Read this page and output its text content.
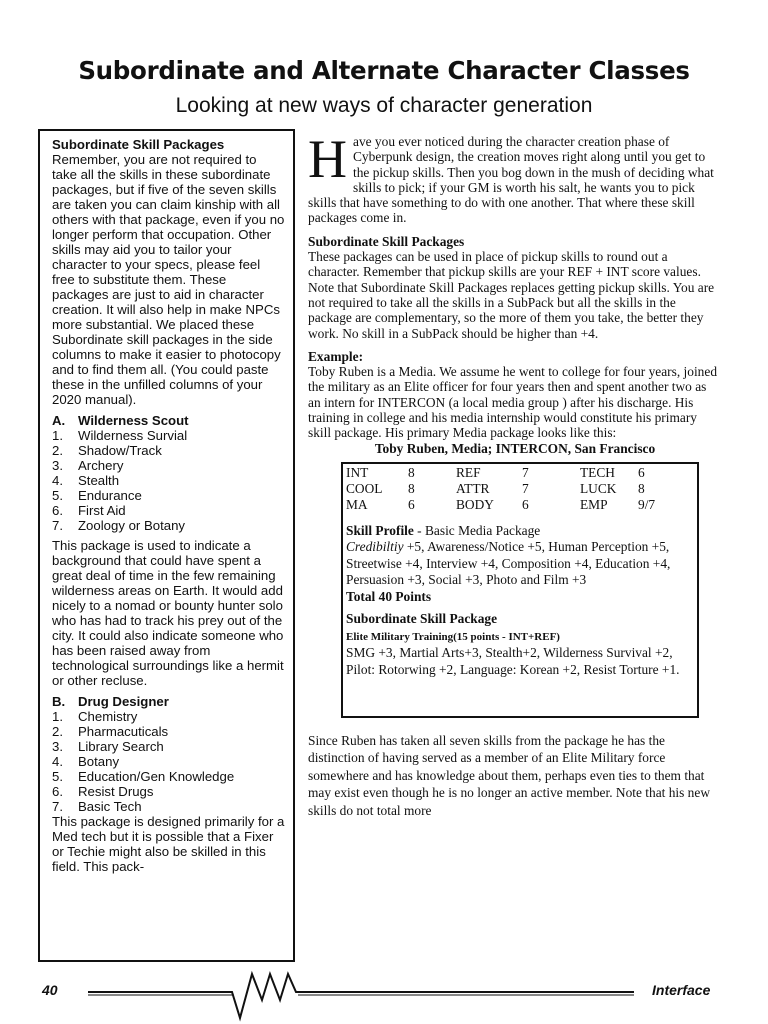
Subordinate and Alternate Character Classes

Looking at new ways of character generation

Subordinate Skill Packages

Remember, you are not required to take all the skills in these subordinate packages, but if five of the seven skills are taken you can claim kinship with all others with that package, even if you no longer perform that occupation. Other skills may aid you to tailor your character to your specs, please feel free to substitute them. These packages are just to aid in character creation. It will also help in make NPCs more substantial. We placed these Subordinate skill packages in the side columns to make it easier to photocopy and to find them all. (You could paste these in the unfilled columns of your 2020 manual).

A. Wilderness Scout
1.	Wilderness Survial
2.	Shadow/Track
3.	Archery
4.	Stealth
5.	Endurance
6.	First Aid
7.	Zoology or Botany

This package is used to indicate a background that could have spent a great deal of time in the few remaining wilderness areas on Earth. It would add nicely to a nomad or bounty hunter solo who has had to track his prey out of the city. It could also indicate someone who has been raised away from technological surroundings like a hermit or other recluse.

B. Drug Designer
1.	Chemistry
2.	Pharmacuticals
3.	Library Search
4.	Botany
5.	Education/Gen Knowledge
6.	Resist Drugs
7.	Basic Tech

This package is designed primarily for a Med tech but it is possible that a Fixer or Techie might also be skilled in this field. This pack-

Have you ever noticed during the character creation phase of Cyberpunk design, the creation moves right along until you get to the pickup skills. Then you bog down in the mush of deciding what skills to pick; if your GM is worth his salt, he wants you to pick skills that have something to do with one another. That where these skill packages come in.

Subordinate Skill Packages

These packages can be used in place of pickup skills to round out a character. Remember that pickup skills are your REF + INT score values. Note that Subordinate Skill Packages replaces getting pickup skills. You are not required to take all the skills in a SubPack but all the skills in the package are complementary, so the more of them you take, the better they work. No skill in a SubPack should be higher than +4.

Example:

Toby Ruben is a Media. We assume he went to college for four years, joined the military as an Elite officer for four years then and spent another two as an intern for INTERCON (a local media group ) after his discharge. His training in college and his media internship would constitute his primary skill package. His primary Media package looks like this:

Toby Ruben, Media; INTERCON, San Francisco

INT	8	REF	7	TECH	6
COOL	8	ATTR	7	LUCK	8
MA	6	BODY	6	EMP	9/7
Skill Profile - Basic Media Package
Credibiltiy +5, Awareness/Notice +5, Human Perception +5, Streetwise +4, Interview +4, Composition +4, Education +4, Persuasion +3, Social +3, Photo and Film +3
Total 40 Points
Subordinate Skill Package
Elite Military Training(15 points - INT+REF)
SMG +3, Martial Arts+3, Stealth+2, Wilderness Survival +2, Pilot: Rotorwing +2, Language: Korean +2, Resist Torture +1.

Since Ruben has taken all seven skills from the package he has the distinction of having served as a member of an Elite Military force somewhere and has knowledge about them, perhaps even ties to them that may exist even though he is no longer an active member. Note that his new skills do not total more

40	Interface
